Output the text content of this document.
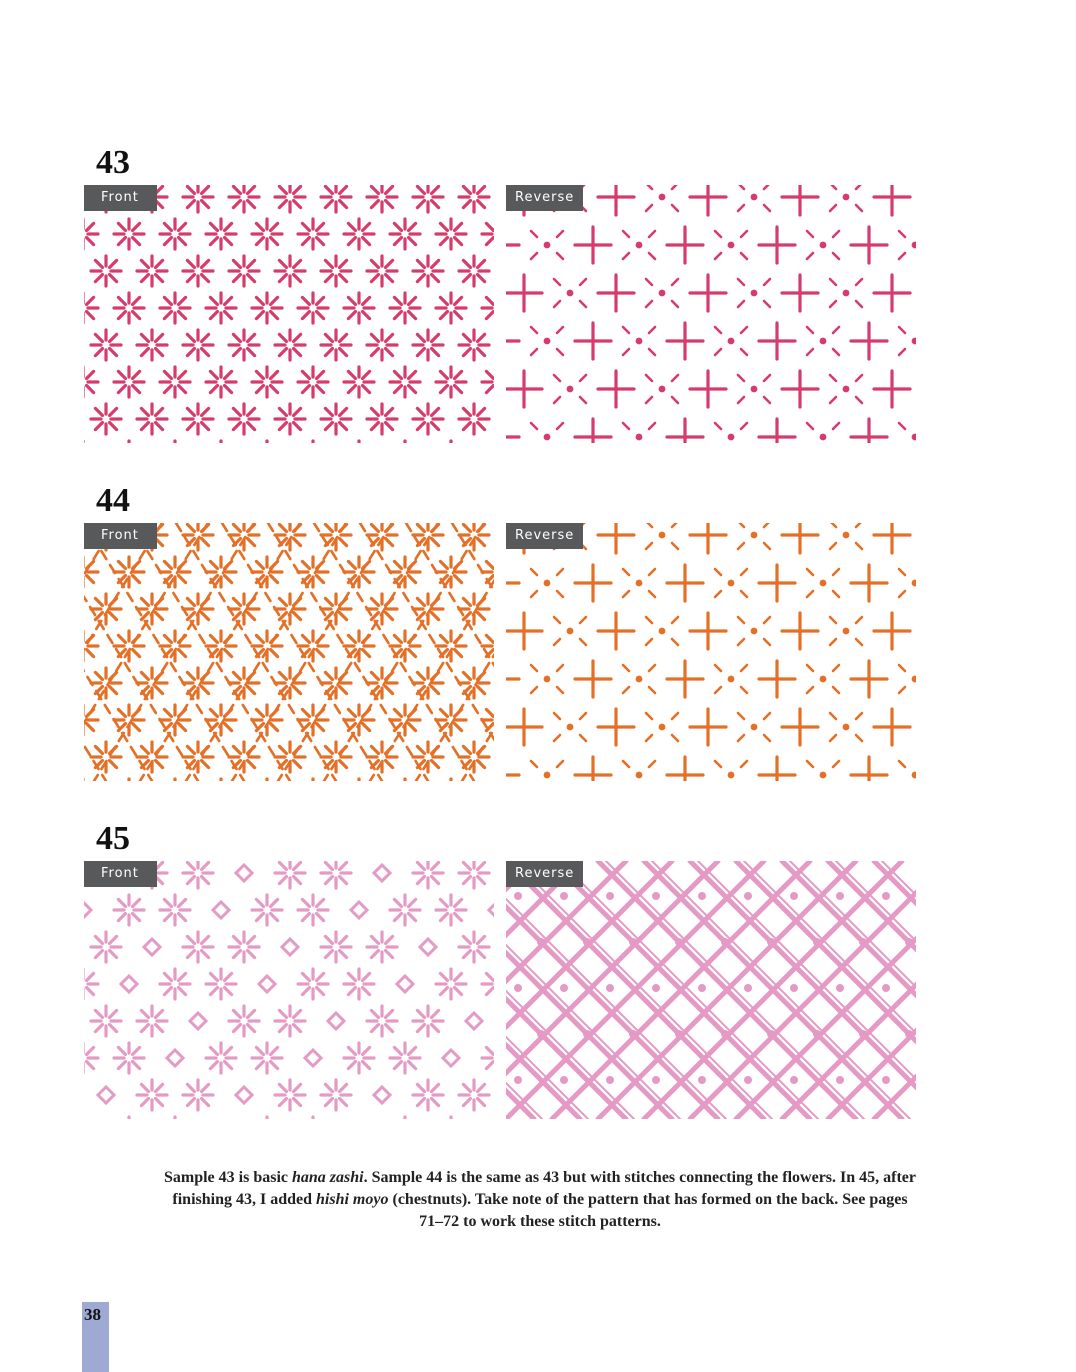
43
Front	Reverse
44
Front	Reverse
45
Front	Reverse
Sample 43 is basic hana zashi. Sample 44 is the same as 43 but with stitches connecting the flowers. In 45, after finishing 43, I added hishi moyo (chestnuts). Take note of the pattern that has formed on the back. See pages 71–72 to work these stitch patterns.
38
